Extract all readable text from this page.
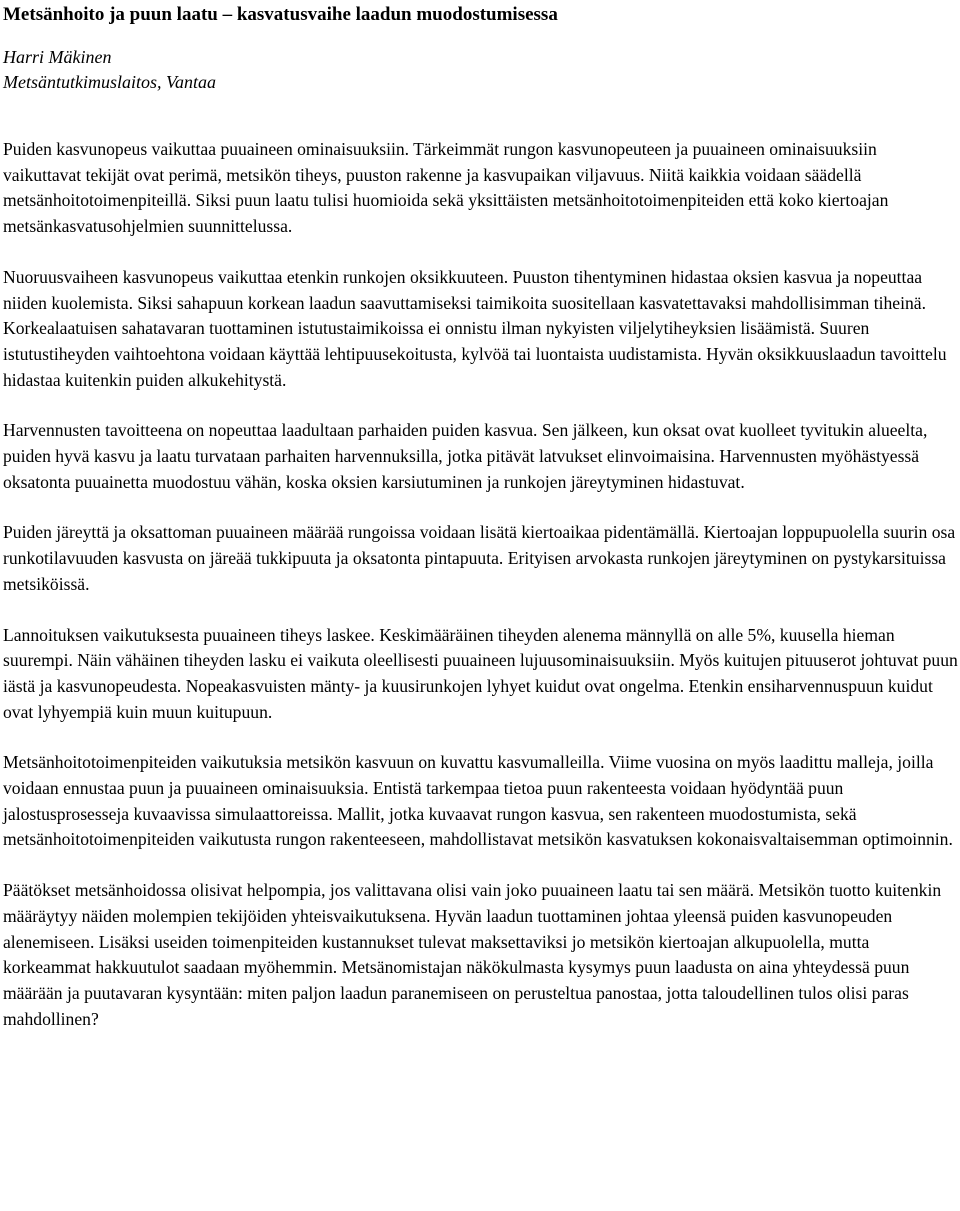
Metsänhoito ja puun laatu – kasvatusvaihe laadun muodostumisessa
Harri Mäkinen
Metsäntutkimuslaitos, Vantaa

Puiden kasvunopeus vaikuttaa puuaineen ominaisuuksiin. Tärkeimmät rungon kasvunopeuteen ja puuaineen ominaisuuksiin vaikuttavat tekijät ovat perimä, metsikön tiheys, puuston rakenne ja kasvupaikan viljavuus. Niitä kaikkia voidaan säädellä metsänhoitotoimenpiteillä. Siksi puun laatu tulisi huomioida sekä yksittäisten metsänhoitotoimenpiteiden että koko kiertoajan metsänkasvatusohjelmien suunnittelussa.

Nuoruusvaiheen kasvunopeus vaikuttaa etenkin runkojen oksikkuuteen. Puuston tihentyminen hidastaa oksien kasvua ja nopeuttaa niiden kuolemista. Siksi sahapuun korkean laadun saavuttamiseksi taimikoita suositellaan kasvatettavaksi mahdollisimman tiheinä. Korkealaatuisen sahatavaran tuottaminen istutustaimikoissa ei onnistu ilman nykyisten viljelytiheyksien lisäämistä. Suuren istutustiheyden vaihtoehtona voidaan käyttää lehtipuusekoitusta, kylvöä tai luontaista uudistamista. Hyvän oksikkuuslaadun tavoittelu hidastaa kuitenkin puiden alkukehitystä.

Harvennusten tavoitteena on nopeuttaa laadultaan parhaiden puiden kasvua. Sen jälkeen, kun oksat ovat kuolleet tyvitukin alueelta, puiden hyvä kasvu ja laatu turvataan parhaiten harvennuksilla, jotka pitävät latvukset elinvoimaisina. Harvennusten myöhästyessä oksatonta puuainetta muodostuu vähän, koska oksien karsiutuminen ja runkojen järeytyminen hidastuvat.

Puiden järeyttä ja oksattoman puuaineen määrää rungoissa voidaan lisätä kiertoaikaa pidentämällä. Kiertoajan loppupuolella suurin osa runkotilavuuden kasvusta on järeää tukkipuuta ja oksatonta pintapuuta. Erityisen arvokasta runkojen järeytyminen on pystykarsituissa metsiköissä.

Lannoituksen vaikutuksesta puuaineen tiheys laskee. Keskimääräinen tiheyden alenema männyllä on alle 5%, kuusella hieman suurempi. Näin vähäinen tiheyden lasku ei vaikuta oleellisesti puuaineen lujuusominaisuuksiin. Myös kuitujen pituuserot johtuvat puun iästä ja kasvunopeudesta. Nopeakasvuisten mänty- ja kuusirunkojen lyhyet kuidut ovat ongelma. Etenkin ensiharvennuspuun kuidut ovat lyhyempiä kuin muun kuitupuun.

Metsänhoitotoimenpiteiden vaikutuksia metsikön kasvuun on kuvattu kasvumalleilla. Viime vuosina on myös laadittu malleja, joilla voidaan ennustaa puun ja puuaineen ominaisuuksia. Entistä tarkempaa tietoa puun rakenteesta voidaan hyödyntää puun jalostusprosesseja kuvaavissa simulaattoreissa. Mallit, jotka kuvaavat rungon kasvua, sen rakenteen muodostumista, sekä metsänhoitotoimenpiteiden vaikutusta rungon rakenteeseen, mahdollistavat metsikön kasvatuksen kokonaisvaltaisemman optimoinnin.

Päätökset metsänhoidossa olisivat helpompia, jos valittavana olisi vain joko puuaineen laatu tai sen määrä. Metsikön tuotto kuitenkin määräytyy näiden molempien tekijöiden yhteisvaikutuksena. Hyvän laadun tuottaminen johtaa yleensä puiden kasvunopeuden alenemiseen. Lisäksi useiden toimenpiteiden kustannukset tulevat maksettaviksi jo metsikön kiertoajan alkupuolella, mutta korkeammat hakkuutulot saadaan myöhemmin. Metsänomistajan näkökulmasta kysymys puun laadusta on aina yhteydessä puun määrään ja puutavaran kysyntään: miten paljon laadun paranemiseen on perusteltua panostaa, jotta taloudellinen tulos olisi paras mahdollinen?
